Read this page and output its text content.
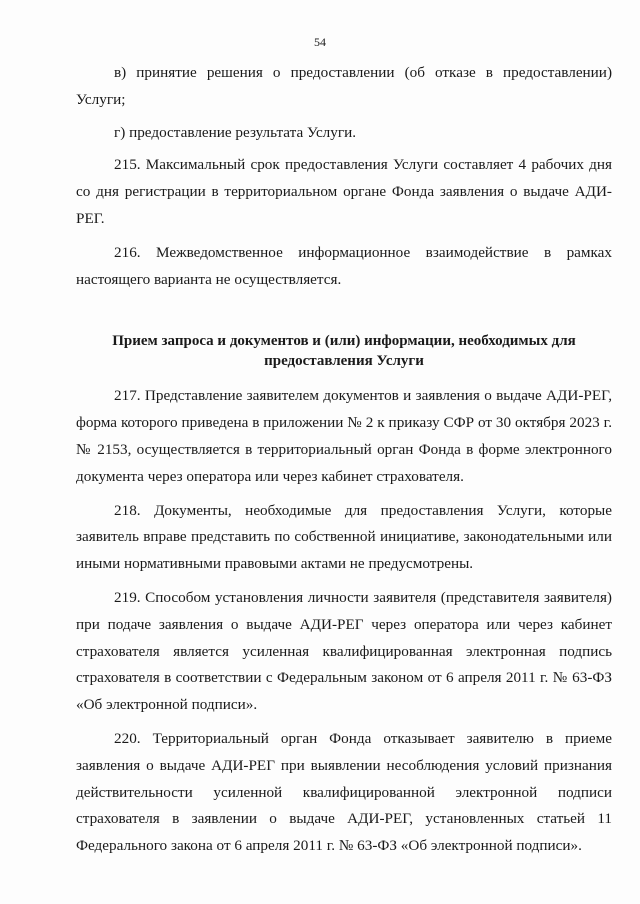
54

в) принятие решения о предоставлении (об отказе в предоставлении) Услуги;

г) предоставление результата Услуги.

215. Максимальный срок предоставления Услуги составляет 4 рабочих дня со дня регистрации в территориальном органе Фонда заявления о выдаче АДИ-РЕГ.

216. Межведомственное информационное взаимодействие в рамках настоящего варианта не осуществляется.

Прием запроса и документов и (или) информации, необходимых для предоставления Услуги

217. Представление заявителем документов и заявления о выдаче АДИ-РЕГ, форма которого приведена в приложении № 2 к приказу СФР от 30 октября 2023 г. № 2153, осуществляется в территориальный орган Фонда в форме электронного документа через оператора или через кабинет страхователя.

218. Документы, необходимые для предоставления Услуги, которые заявитель вправе представить по собственной инициативе, законодательными или иными нормативными правовыми актами не предусмотрены.

219. Способом установления личности заявителя (представителя заявителя) при подаче заявления о выдаче АДИ-РЕГ через оператора или через кабинет страхователя является усиленная квалифицированная электронная подпись страхователя в соответствии с Федеральным законом от 6 апреля 2011 г. № 63-ФЗ «Об электронной подписи».

220. Территориальный орган Фонда отказывает заявителю в приеме заявления о выдаче АДИ-РЕГ при выявлении несоблюдения условий признания действительности усиленной квалифицированной электронной подписи страхователя в заявлении о выдаче АДИ-РЕГ, установленных статьей 11 Федерального закона от 6 апреля 2011 г. № 63-ФЗ «Об электронной подписи».
